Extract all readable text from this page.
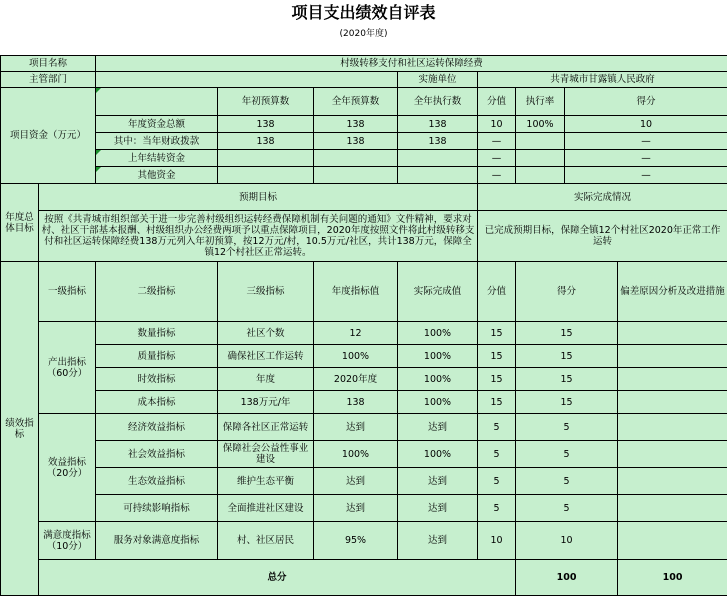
项目支出绩效自评表
(2020年度)
项目名称		村级转移支付和社区运转保障经费							
主管部门					实施单位	共青城市甘露镇人民政府			
项目资金（万元）			年初预算数	全年预算数	全年执行数	分值	执行率	得分	
		年度资金总额	138	138	138	10	100%	10	
		其中：当年财政拨款	138	138	138	—		—	
		上年结转资金				—		—	
		其他资金				—		—	
年度总体目标	预期目标					实际完成情况			
	按照《共青城市组织部关于进一步完善村级组织运转经费保障机制有关问题的通知》文件精神，要求对村、社区干部基本报酬、村级组织办公经费两项予以重点保障项目，2020年度按照文件将此村级转移支付和社区运转保障经费138万元列入年初预算，按12万元/村，10.5万元/社区，共计138万元，保障全镇12个村社区正常运转。					已完成预期目标，保障全镇12个村社区2020年正常工作运转			
绩效指标	一级指标	二级指标	三级指标	年度指标值	实际完成值	分值	得分		偏差原因分析及改进措施
	产出指标（60分）	数量指标	社区个数	12	100%	15	15		
		质量指标	确保社区工作运转	100%	100%	15	15		
		时效指标	年度	2020年度	100%	15	15		
		成本指标	138万元/年	138	100%	15	15		
	效益指标（20分）	经济效益指标	保障各社区正常运转	达到	达到	5	5		
		社会效益指标	保障社会公益性事业建设	100%	100%	5	5		
		生态效益指标	维护生态平衡	达到	达到	5	5		
		可持续影响指标	全面推进社区建设	达到	达到	5	5		
	满意度指标（10分）	服务对象满意度指标	村、社区居民	95%	达到	10	10		
	总分						100		100
